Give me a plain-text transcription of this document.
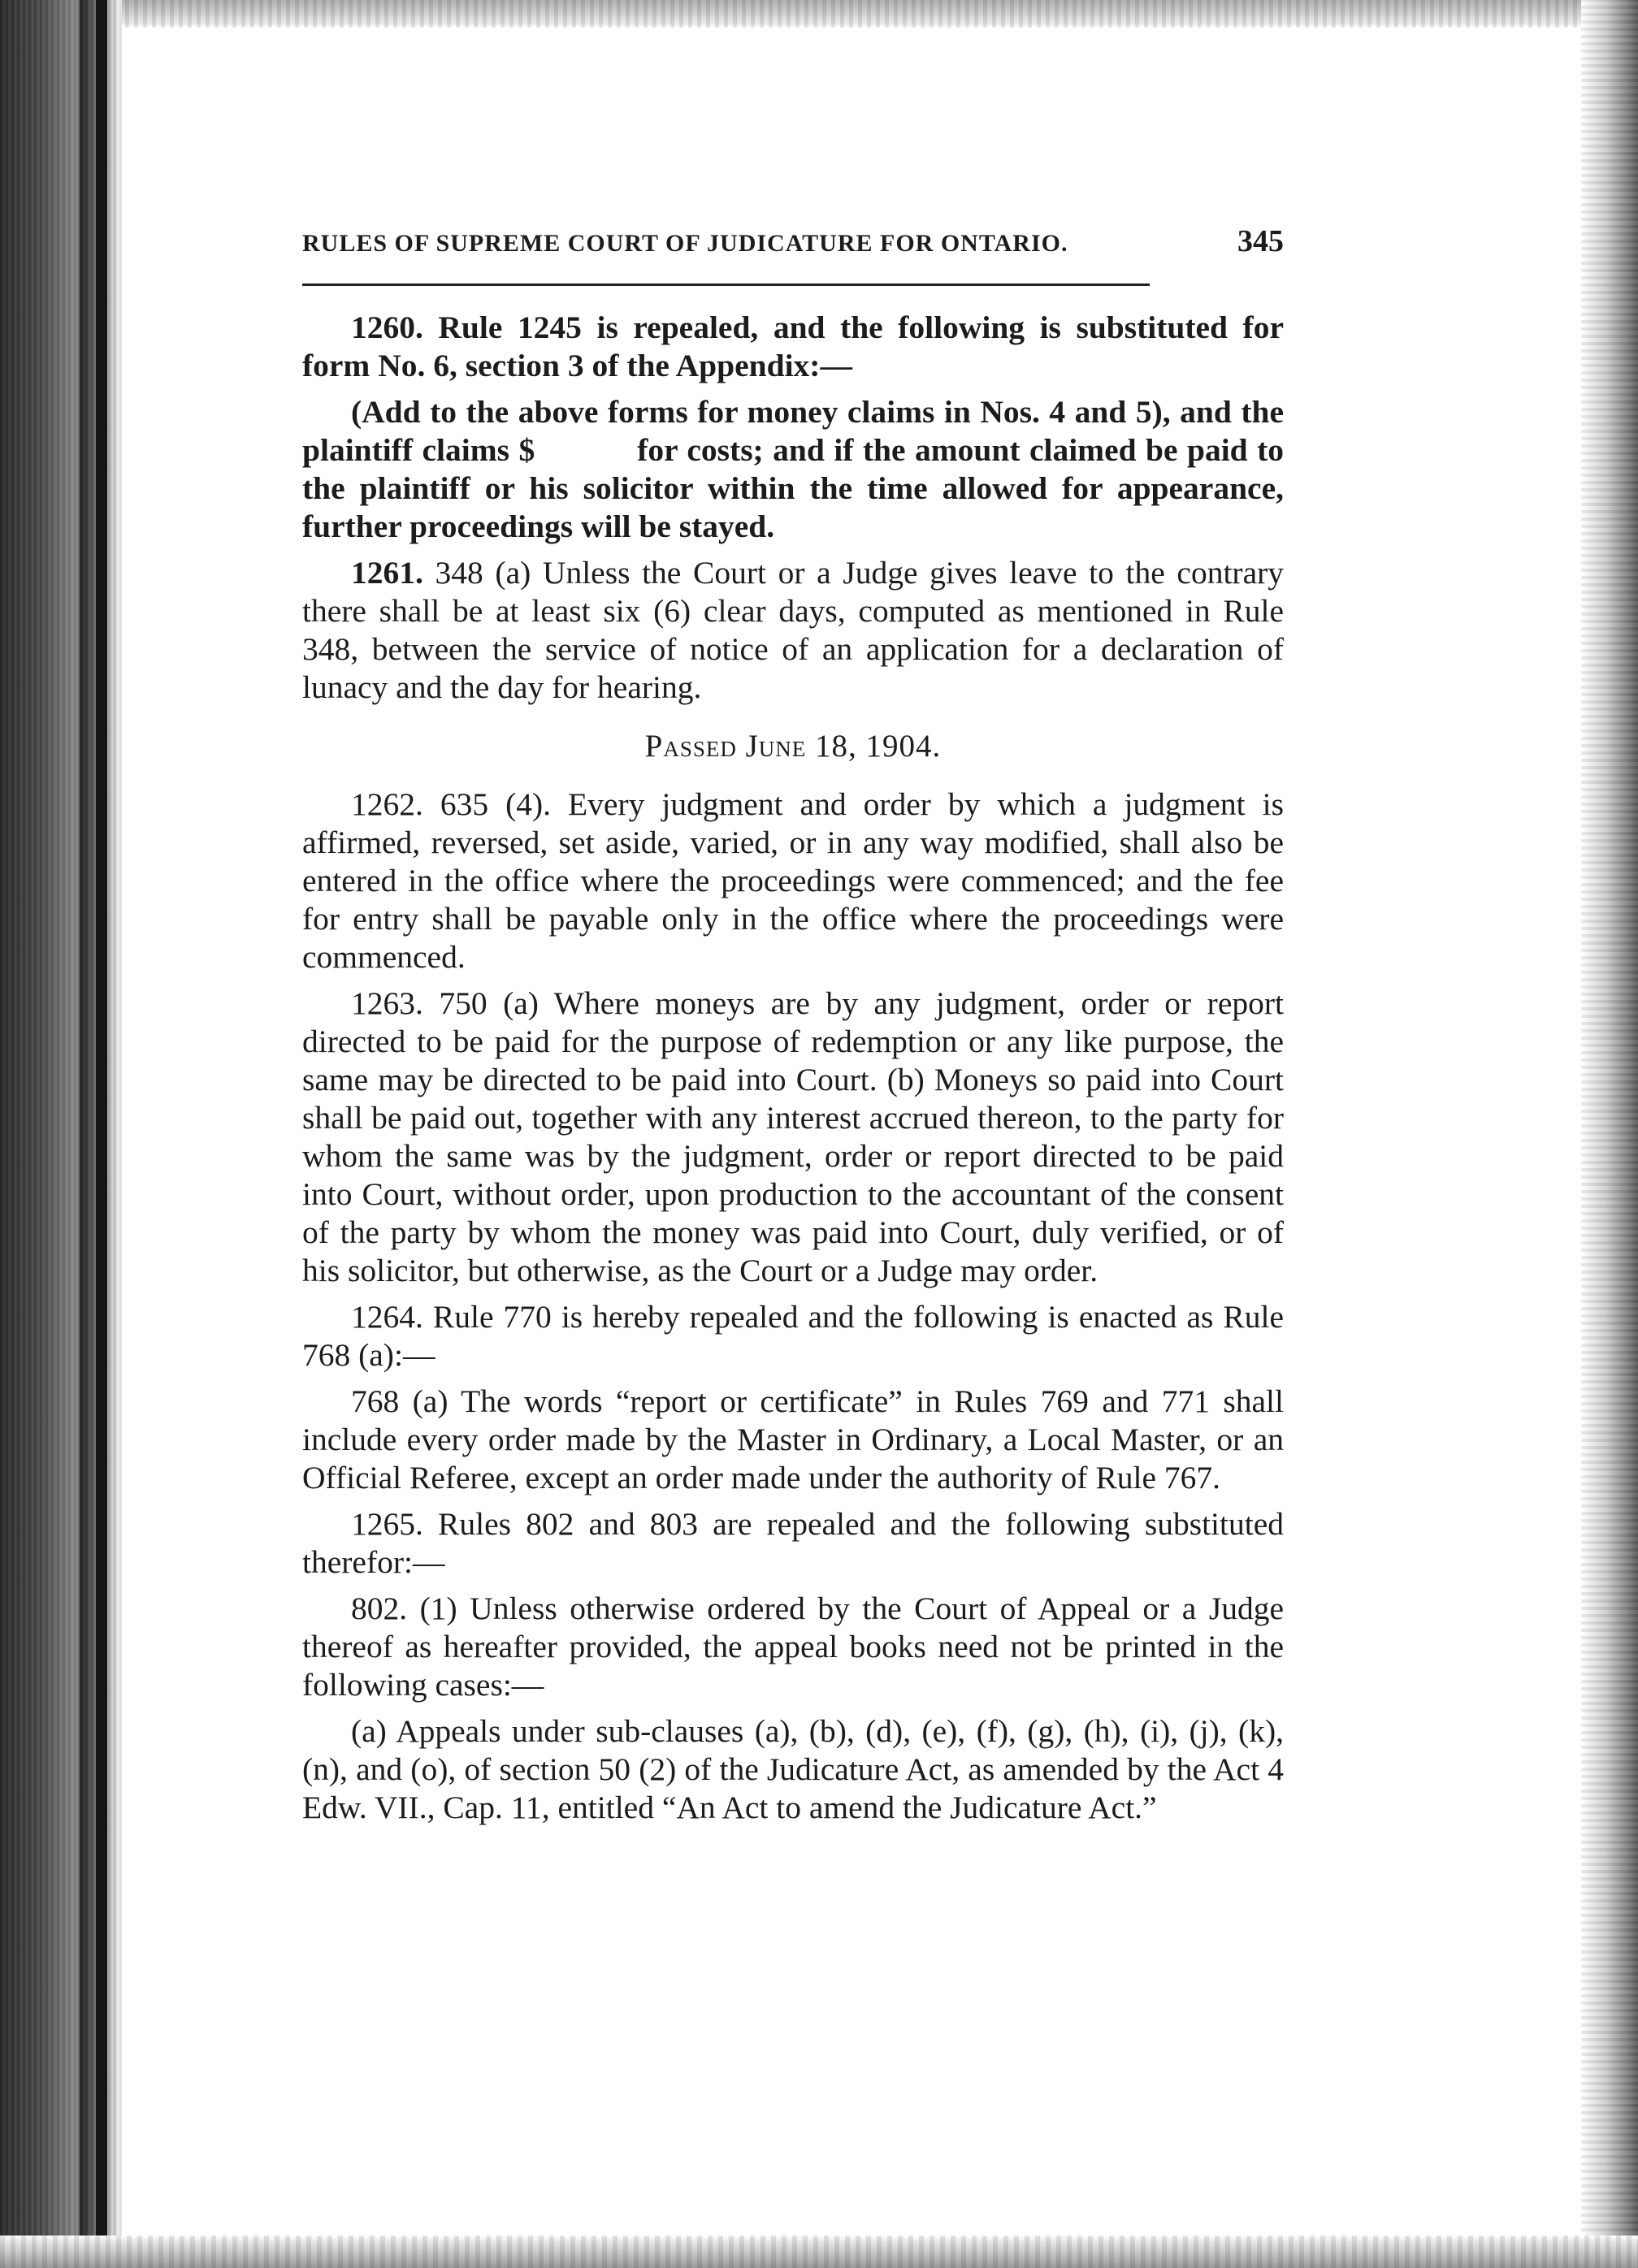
RULES OF SUPREME COURT OF JUDICATURE FOR ONTARIO.	345

1260. Rule 1245 is repealed, and the following is substituted for form No. 6, section 3 of the Appendix:—

(Add to the above forms for money claims in Nos. 4 and 5), and the plaintiff claims $           for costs; and if the amount claimed be paid to the plaintiff or his solicitor within the time allowed for appearance, further proceedings will be stayed.

1261. 348 (a) Unless the Court or a Judge gives leave to the contrary there shall be at least six (6) clear days, computed as mentioned in Rule 348, between the service of notice of an application for a declaration of lunacy and the day for hearing.

Passed June 18, 1904.

1262. 635 (4). Every judgment and order by which a judgment is affirmed, reversed, set aside, varied, or in any way modified, shall also be entered in the office where the proceedings were commenced; and the fee for entry shall be payable only in the office where the proceedings were commenced.

1263. 750 (a) Where moneys are by any judgment, order or report directed to be paid for the purpose of redemption or any like purpose, the same may be directed to be paid into Court. (b) Moneys so paid into Court shall be paid out, together with any interest accrued thereon, to the party for whom the same was by the judgment, order or report directed to be paid into Court, without order, upon production to the accountant of the consent of the party by whom the money was paid into Court, duly verified, or of his solicitor, but otherwise, as the Court or a Judge may order.

1264. Rule 770 is hereby repealed and the following is enacted as Rule 768 (a):—

768 (a) The words “report or certificate” in Rules 769 and 771 shall include every order made by the Master in Ordinary, a Local Master, or an Official Referee, except an order made under the authority of Rule 767.

1265. Rules 802 and 803 are repealed and the following substituted therefor:—

802. (1) Unless otherwise ordered by the Court of Appeal or a Judge thereof as hereafter provided, the appeal books need not be printed in the following cases:—

(a) Appeals under sub-clauses (a), (b), (d), (e), (f), (g), (h), (i), (j), (k), (n), and (o), of section 50 (2) of the Judicature Act, as amended by the Act 4 Edw. VII., Cap. 11, entitled “An Act to amend the Judicature Act.”
